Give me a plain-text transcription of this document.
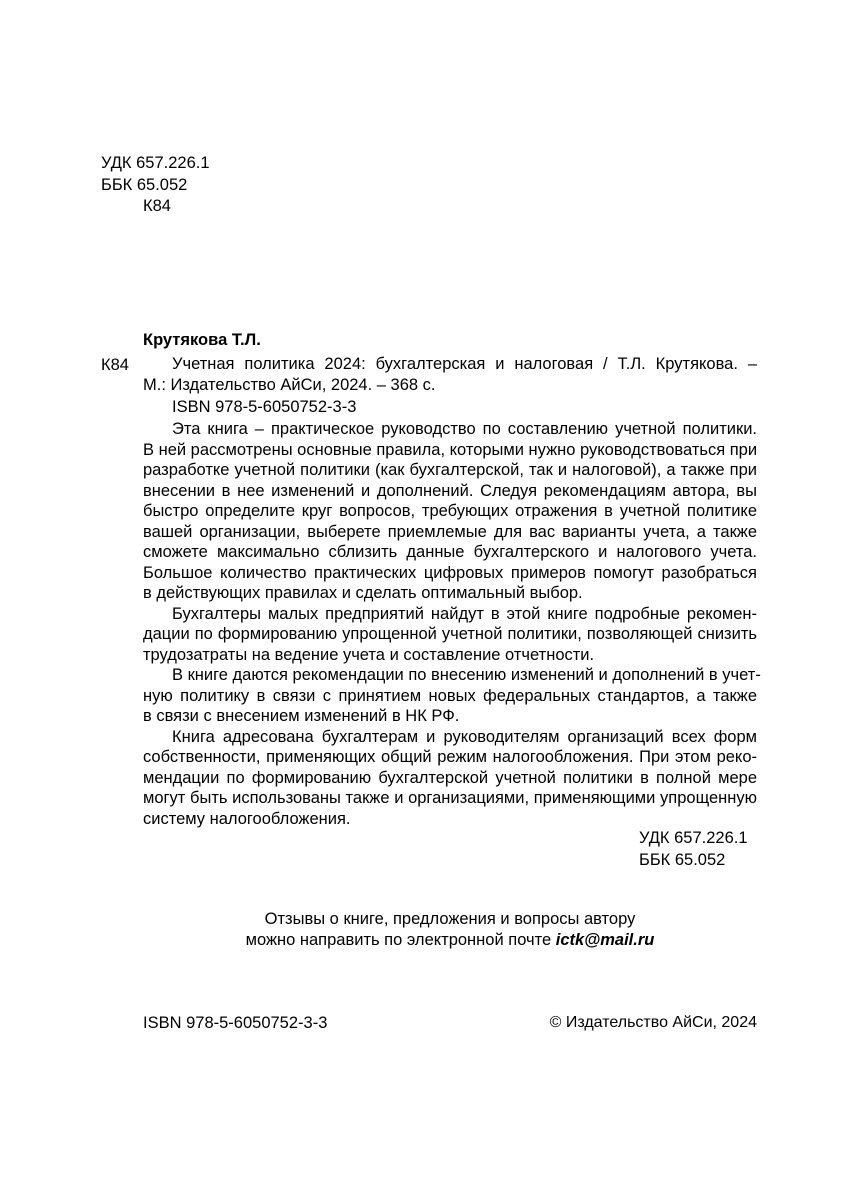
УДК 657.226.1
ББК 65.052
К84
Крутякова Т.Л.
К84	Учетная политика 2024: бухгалтерская и налоговая / Т.Л. Крутякова. –
М.: Издательство АйСи, 2024. – 368 с.
ISBN 978-5-6050752-3-3
Эта книга – практическое руководство по составлению учетной политики.
В ней рассмотрены основные правила, которыми нужно руководствоваться при
разработке учетной политики (как бухгалтерской, так и налоговой), а также при
внесении в нее изменений и дополнений. Следуя рекомендациям автора, вы
быстро определите круг вопросов, требующих отражения в учетной политике
вашей организации, выберете приемлемые для вас варианты учета, а также
сможете максимально сблизить данные бухгалтерского и налогового учета.
Большое количество практических цифровых примеров помогут разобраться
в действующих правилах и сделать оптимальный выбор.
Бухгалтеры малых предприятий найдут в этой книге подробные рекомен-
дации по формированию упрощенной учетной политики, позволяющей снизить
трудозатраты на ведение учета и составление отчетности.
В книге даются рекомендации по внесению изменений и дополнений в учет-
ную политику в связи с принятием новых федеральных стандартов, а также
в связи с внесением изменений в НК РФ.
Книга адресована бухгалтерам и руководителям организаций всех форм
собственности, применяющих общий режим налогообложения. При этом реко-
мендации по формированию бухгалтерской учетной политики в полной мере
могут быть использованы также и организациями, применяющими упрощенную
систему налогообложения.
УДК 657.226.1
ББК 65.052
Отзывы о книге, предложения и вопросы автору
можно направить по электронной почте ictk@mail.ru
ISBN 978-5-6050752-3-3	© Издательство АйСи, 2024
